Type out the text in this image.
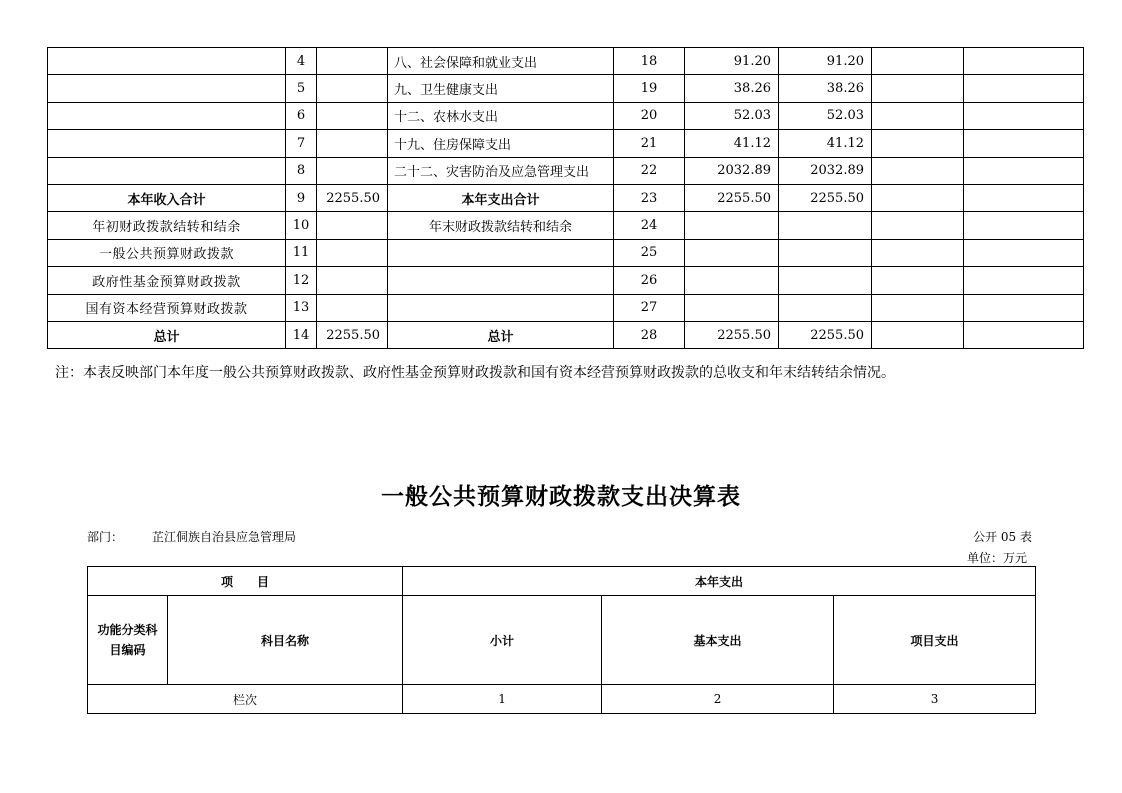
	4		八、社会保障和就业支出	18	91.20	91.20		
	5		九、卫生健康支出	19	38.26	38.26		
	6		十二、农林水支出	20	52.03	52.03		
	7		十九、住房保障支出	21	41.12	41.12		
	8		二十二、灾害防治及应急管理支出	22	2032.89	2032.89		
本年收入合计	9	2255.50	本年支出合计	23	2255.50	2255.50		
年初财政拨款结转和结余	10		年末财政拨款结转和结余	24				
一般公共预算财政拨款	11			25				
政府性基金预算财政拨款	12			26				
国有资本经营预算财政拨款	13			27				
总计	14	2255.50	总计	28	2255.50	2255.50		
注：本表反映部门本年度一般公共预算财政拨款、政府性基金预算财政拨款和国有资本经营预算财政拨款的总收支和年末结转结余情况。
一般公共预算财政拨款支出决算表
部门： 芷江侗族自治县应急管理局	公开 05 表
单位：万元
项　　目		本年支出		
功能分类科目编码	科目名称	小计	基本支出	项目支出
栏次		1	2	3
